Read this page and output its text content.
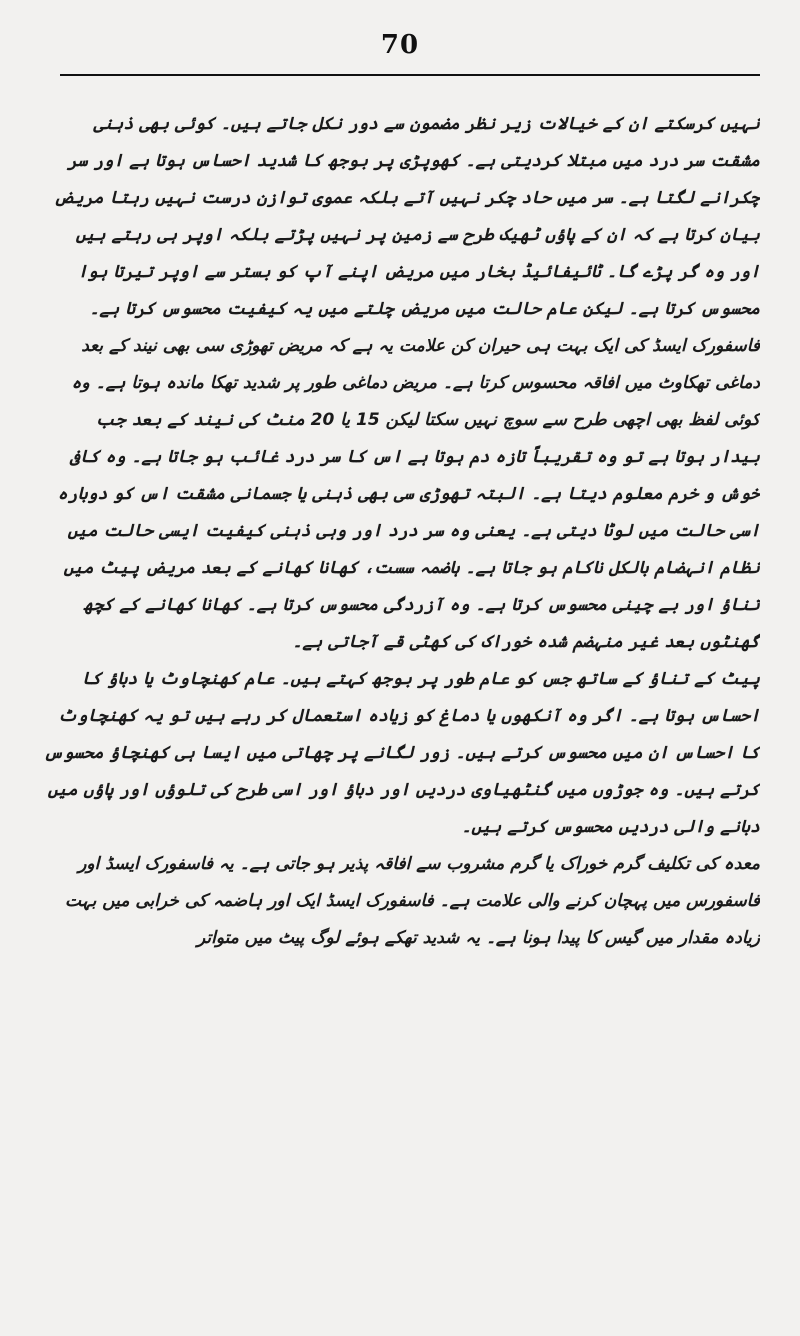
70

نہیں کرسکتے ان کے خیالات زیر نظر مضمون سے دور نکل جاتے ہیں۔ کوئی بھی ذہنی مشقت سر درد میں مبتلا کردیتی ہے۔ کھوپڑی پر بوجھ کا شدید احساس ہوتا ہے اور سر چکرانے لگتا ہے۔ سر میں حاد چکر نہیں آتے بلکہ عموی توازن درست نہیں رہتا مریض بیان کرتا ہے کہ ان کے پاؤں ٹھیک طرح سے زمین پر نہیں پڑتے بلکہ اوپر ہی رہتے ہیں اور وہ گر پڑے گا۔ ٹائیفائیڈ بخار میں مریض اپنے آپ کو بستر سے اوپر تیرتا ہوا محسوس کرتا ہے۔ لیکن عام حالت میں مریض چلتے میں یہ کیفیت محسوس کرتا ہے۔

فاسفورک ایسڈ کی ایک بہت ہی حیران کن علامت یہ ہے کہ مریض تھوڑی سی بھی نیند کے بعد دماغی تھکاوٹ میں افاقہ محسوس کرتا ہے۔ مریض دماغی طور پر شدید تھکا ماندہ ہوتا ہے۔ وہ کوئی لفظ بھی اچھی طرح سے سوچ نہیں سکتا لیکن 15 یا 20 منٹ کی نیند کے بعد جب بیدار ہوتا ہے تو وہ تقریباً تازہ دم ہوتا ہے اس کا سر درد غائب ہو جاتا ہے۔ وہ کافی خوش و خرم معلوم دیتا ہے۔ البتہ تھوڑی سی بھی ذہنی یا جسمانی مشقت اس کو دوبارہ اسی حالت میں لوٹا دیتی ہے۔ یعنی وہ سر درد اور وہی ذہنی کیفیت ایسی حالت میں نظام انہضام بالکل ناکام ہو جاتا ہے۔ ہاضمہ سست، کھانا کھانے کے بعد مریض پیٹ میں تناؤ اور بے چینی محسوس کرتا ہے۔ وہ آزردگی محسوس کرتا ہے۔ کھانا کھانے کے کچھ گھنٹوں بعد غیر منہضم شدہ خوراک کی کھٹی قے آجاتی ہے۔

پیٹ کے تناؤ کے ساتھ جس کو عام طور پر بوجھ کہتے ہیں۔ عام کھنچاوٹ یا دباؤ کا احساس ہوتا ہے۔ اگر وہ آنکھوں یا دماغ کو زیادہ استعمال کر رہے ہیں تو یہ کھنچاوٹ کا احساس ان میں محسوس کرتے ہیں۔ زور لگانے پر چھاتی میں ایسا ہی کھنچاؤ محسوس کرتے ہیں۔ وہ جوڑوں میں گنٹھیاوی دردیں اور دباؤ اور اسی طرح کی تلوؤں اور پاؤں میں دبانے والی دردیں محسوس کرتے ہیں۔

معدہ کی تکلیف گرم خوراک یا گرم مشروب سے افاقہ پذیر ہو جاتی ہے۔ یہ فاسفورک ایسڈ اور فاسفورس میں پہچان کرنے والی علامت ہے۔ فاسفورک ایسڈ ایک اور ہاضمہ کی خرابی میں بہت زیادہ مقدار میں گیس کا پیدا ہونا ہے۔ یہ شدید تھکے ہوئے لوگ پیٹ میں متواتر
